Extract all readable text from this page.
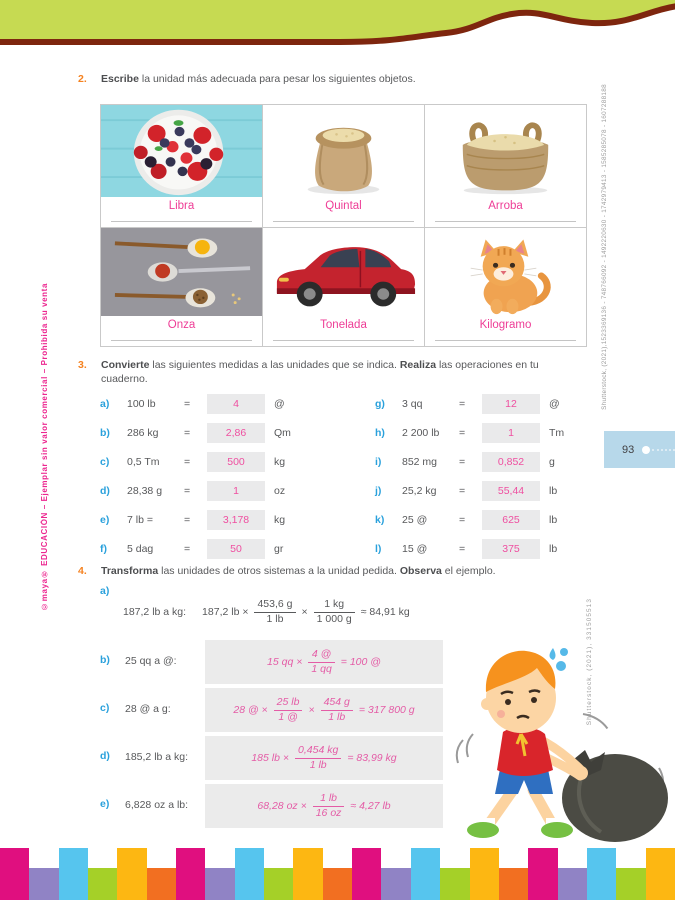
2.	Escribe la unidad más adecuada para pesar los siguientes objetos.
Libra	Quintal	Arroba
Onza	Tonelada	Kilogramo
3.	Convierte las siguientes medidas a las unidades que se indica. Realiza las operaciones en tu cuaderno.
a)	100 lb	=	4	@
b)	286 kg	=	2,86	Qm
c)	0,5 Tm	=	500	kg
d)	28,38 g	=	1	oz
e)	7 lb =	=	3,178	kg
f)	5 dag	=	50	gr
g)	3 qq	=	12	@
h)	2 200 lb	=	1	Tm
i)	852 mg	=	0,852	g
j)	25,2 kg	=	55,44	lb
k)	25 @	=	625	lb
l)	15 @	=	375	lb
93
4.	Transforma las unidades de otros sistemas a la unidad pedida. Observa el ejemplo.
a)
187,2 lb a kg: 187,2 lb × $\frac{453,6 g}{1 lb} \times \frac{1 kg}{1 000 g} \approx 84,91$ kg
b) 25 qq a @:	15 qq × $\frac{4 @}{1 qq} = 100$ @
c) 28 @ a g:	28 @ × $\frac{25 lb}{1 @} \times \frac{454 g}{1 lb} = 317$ 800 g
d) 185,2 lb a kg:	185 lb × $\frac{0,454 kg}{1 lb} = 83,99$ kg
e) 6,828 oz a lb:	68,28 oz × $\frac{1 lb}{16 oz} \approx 4,27$ lb
©maya® EDUCACIÓN – Ejemplar sin valor comercial – Prohibida su venta
Shutterstock, (2021),1523369136 - 748766092 - 1492220630 - 1742979413 - 1585285078 - 1607288188
Shutterstock, (2021), 331505513
